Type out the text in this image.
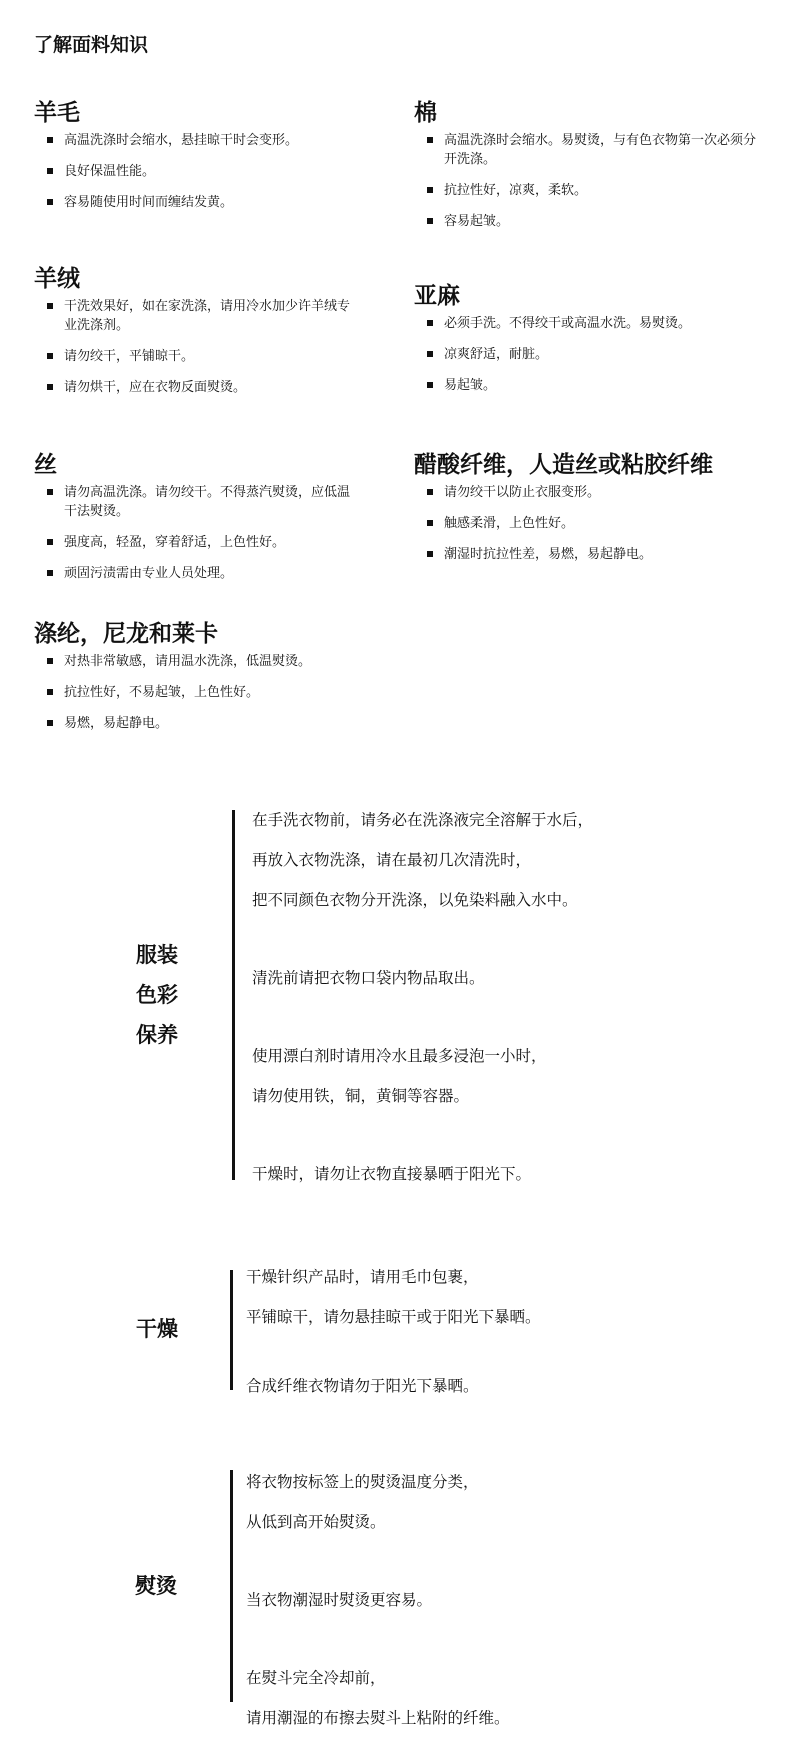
了解面料知识
羊毛
高温洗涤时会缩水，悬挂晾干时会变形。
良好保温性能。
容易随使用时间而缠结发黄。
棉
高温洗涤时会缩水。易熨烫，与有色衣物第一次必须分开洗涤。
抗拉性好，凉爽，柔软。
容易起皱。
羊绒
干洗效果好，如在家洗涤，请用冷水加少许羊绒专业洗涤剂。
请勿绞干，平铺晾干。
请勿烘干，应在衣物反面熨烫。
亚麻
必须手洗。不得绞干或高温水洗。易熨烫。
凉爽舒适，耐脏。
易起皱。
丝
请勿高温洗涤。请勿绞干。不得蒸汽熨烫，应低温干法熨烫。
强度高，轻盈，穿着舒适，上色性好。
顽固污渍需由专业人员处理。
醋酸纤维，人造丝或粘胶纤维
请勿绞干以防止衣服变形。
触感柔滑，上色性好。
潮湿时抗拉性差，易燃，易起静电。
涤纶，尼龙和莱卡
对热非常敏感，请用温水洗涤，低温熨烫。
抗拉性好，不易起皱，上色性好。
易燃，易起静电。
服装
色彩
保养
在手洗衣物前，请务必在洗涤液完全溶解于水后，
再放入衣物洗涤，请在最初几次清洗时，
把不同颜色衣物分开洗涤，以免染料融入水中。
清洗前请把衣物口袋内物品取出。
使用漂白剂时请用冷水且最多浸泡一小时，
请勿使用铁，铜，黄铜等容器。
干燥时，请勿让衣物直接暴晒于阳光下。
干燥
干燥针织产品时，请用毛巾包裹，
平铺晾干，请勿悬挂晾干或于阳光下暴晒。
合成纤维衣物请勿于阳光下暴晒。
熨烫
将衣物按标签上的熨烫温度分类，
从低到高开始熨烫。
当衣物潮湿时熨烫更容易。
在熨斗完全冷却前，
请用潮湿的布擦去熨斗上粘附的纤维。
